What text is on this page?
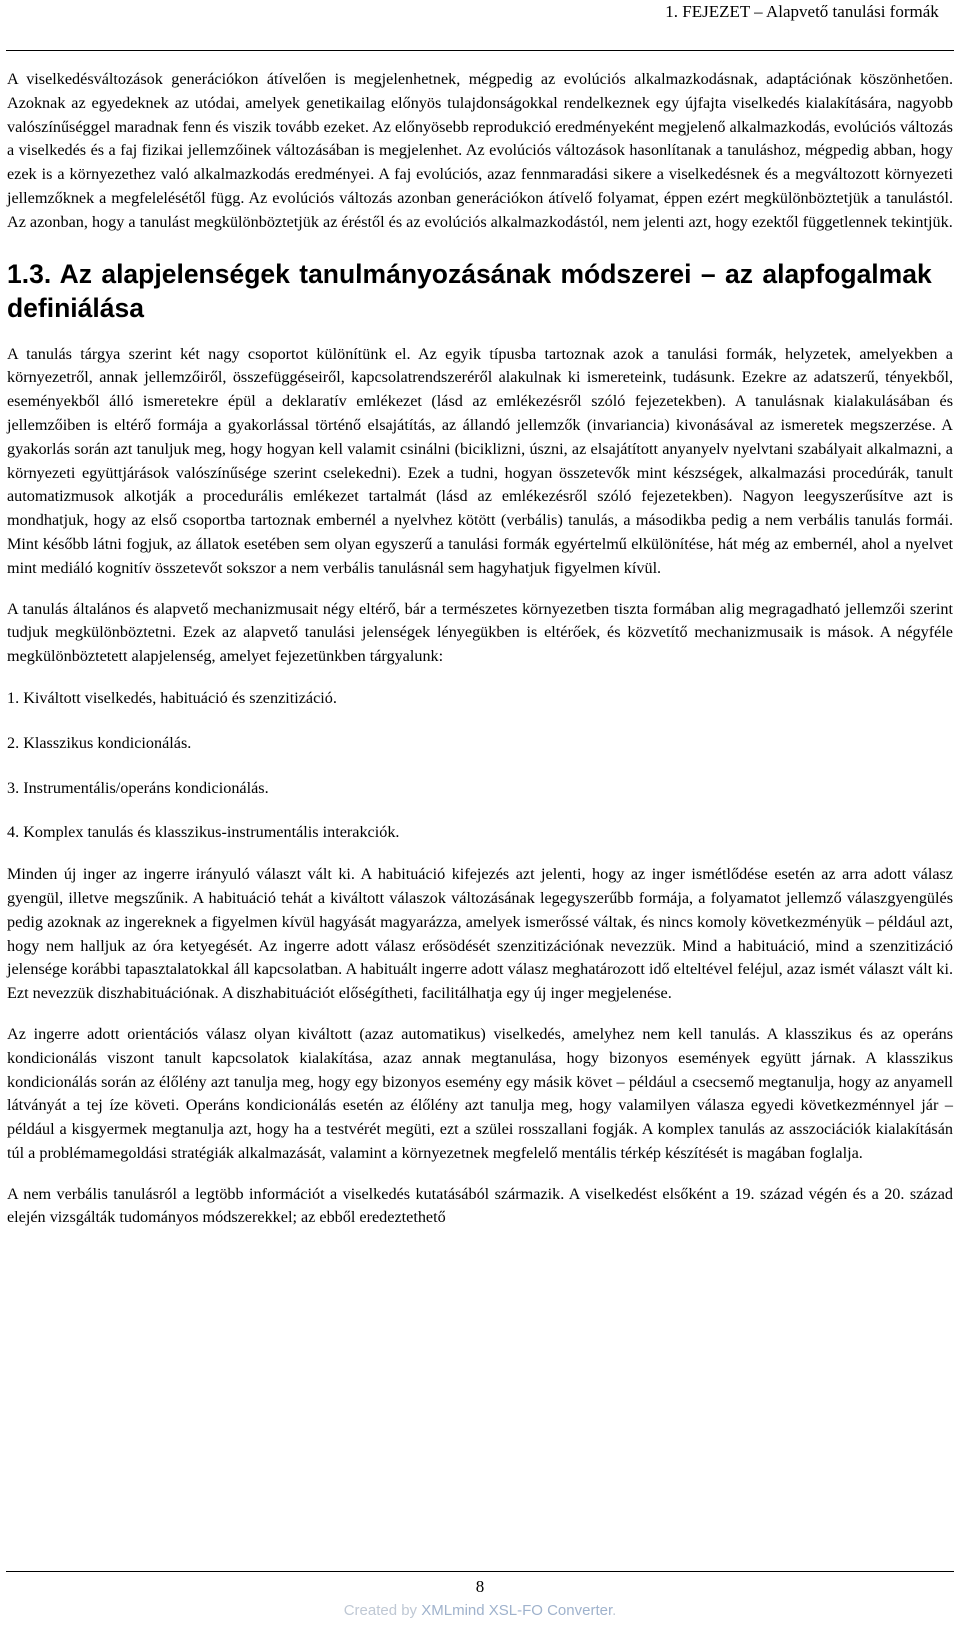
1. FEJEZET – Alapvető tanulási formák

A viselkedésváltozások generációkon átívelően is megjelenhetnek, mégpedig az evolúciós alkalmazkodásnak, adaptációnak köszönhetően. Azoknak az egyedeknek az utódai, amelyek genetikailag előnyös tulajdonságokkal rendelkeznek egy újfajta viselkedés kialakítására, nagyobb valószínűséggel maradnak fenn és viszik tovább ezeket. Az előnyösebb reprodukció eredményeként megjelenő alkalmazkodás, evolúciós változás a viselkedés és a faj fizikai jellemzőinek változásában is megjelenhet. Az evolúciós változások hasonlítanak a tanuláshoz, mégpedig abban, hogy ezek is a környezethez való alkalmazkodás eredményei. A faj evolúciós, azaz fennmaradási sikere a viselkedésnek és a megváltozott környezeti jellemzőknek a megfelelésétől függ. Az evolúciós változás azonban generációkon átívelő folyamat, éppen ezért megkülönböztetjük a tanulástól. Az azonban, hogy a tanulást megkülönböztetjük az éréstől és az evolúciós alkalmazkodástól, nem jelenti azt, hogy ezektől függetlennek tekintjük.

1.3. Az alapjelenségek tanulmányozásának módszerei – az alapfogalmak definiálása

A tanulás tárgya szerint két nagy csoportot különítünk el. Az egyik típusba tartoznak azok a tanulási formák, helyzetek, amelyekben a környezetről, annak jellemzőiről, összefüggéseiről, kapcsolatrendszeréről alakulnak ki ismereteink, tudásunk. Ezekre az adatszerű, tényekből, eseményekből álló ismeretekre épül a deklaratív emlékezet (lásd az emlékezésről szóló fejezetekben). A tanulásnak kialakulásában és jellemzőiben is eltérő formája a gyakorlással történő elsajátítás, az állandó jellemzők (invariancia) kivonásával az ismeretek megszerzése. A gyakorlás során azt tanuljuk meg, hogy hogyan kell valamit csinálni (biciklizni, úszni, az elsajátított anyanyelv nyelvtani szabályait alkalmazni, a környezeti együttjárások valószínűsége szerint cselekedni). Ezek a tudni, hogyan összetevők mint készségek, alkalmazási procedúrák, tanult automatizmusok alkotják a procedurális emlékezet tartalmát (lásd az emlékezésről szóló fejezetekben). Nagyon leegyszerűsítve azt is mondhatjuk, hogy az első csoportba tartoznak embernél a nyelvhez kötött (verbális) tanulás, a másodikba pedig a nem verbális tanulás formái. Mint később látni fogjuk, az állatok esetében sem olyan egyszerű a tanulási formák egyértelmű elkülönítése, hát még az embernél, ahol a nyelvet mint mediáló kognitív összetevőt sokszor a nem verbális tanulásnál sem hagyhatjuk figyelmen kívül.

A tanulás általános és alapvető mechanizmusait négy eltérő, bár a természetes környezetben tiszta formában alig megragadható jellemzői szerint tudjuk megkülönböztetni. Ezek az alapvető tanulási jelenségek lényegükben is eltérőek, és közvetítő mechanizmusaik is mások. A négyféle megkülönböztetett alapjelenség, amelyet fejezetünkben tárgyalunk:

1. Kiváltott viselkedés, habituáció és szenzitizáció.
2. Klasszikus kondicionálás.
3. Instrumentális/operáns kondicionálás.
4. Komplex tanulás és klasszikus-instrumentális interakciók.

Minden új inger az ingerre irányuló választ vált ki. A habituáció kifejezés azt jelenti, hogy az inger ismétlődése esetén az arra adott válasz gyengül, illetve megszűnik. A habituáció tehát a kiváltott válaszok változásának legegyszerűbb formája, a folyamatot jellemző válaszgyengülés pedig azoknak az ingereknek a figyelmen kívül hagyását magyarázza, amelyek ismerőssé váltak, és nincs komoly következményük – például azt, hogy nem halljuk az óra ketyegését. Az ingerre adott válasz erősödését szenzitizációnak nevezzük. Mind a habituáció, mind a szenzitizáció jelensége korábbi tapasztalatokkal áll kapcsolatban. A habituált ingerre adott válasz meghatározott idő elteltével feléjul, azaz ismét választ vált ki. Ezt nevezzük diszhabituációnak. A diszhabituációt előségítheti, facilitálhatja egy új inger megjelenése.

Az ingerre adott orientációs válasz olyan kiváltott (azaz automatikus) viselkedés, amelyhez nem kell tanulás. A klasszikus és az operáns kondicionálás viszont tanult kapcsolatok kialakítása, azaz annak megtanulása, hogy bizonyos események együtt járnak. A klasszikus kondicionálás során az élőlény azt tanulja meg, hogy egy bizonyos esemény egy másik követ – például a csecsemő megtanulja, hogy az anyamell látványát a tej íze követi. Operáns kondicionálás esetén az élőlény azt tanulja meg, hogy valamilyen válasza egyedi következménnyel jár – például a kisgyermek megtanulja azt, hogy ha a testvérét megüti, ezt a szülei rosszallani fogják. A komplex tanulás az asszociációk kialakításán túl a problémamegoldási stratégiák alkalmazását, valamint a környezetnek megfelelő mentális térkép készítését is magában foglalja.

A nem verbális tanulásról a legtöbb információt a viselkedés kutatásából származik. A viselkedést elsőként a 19. század végén és a 20. század elején vizsgálták tudományos módszerekkel; az ebből eredeztethető

8
Created by XMLmind XSL-FO Converter.
